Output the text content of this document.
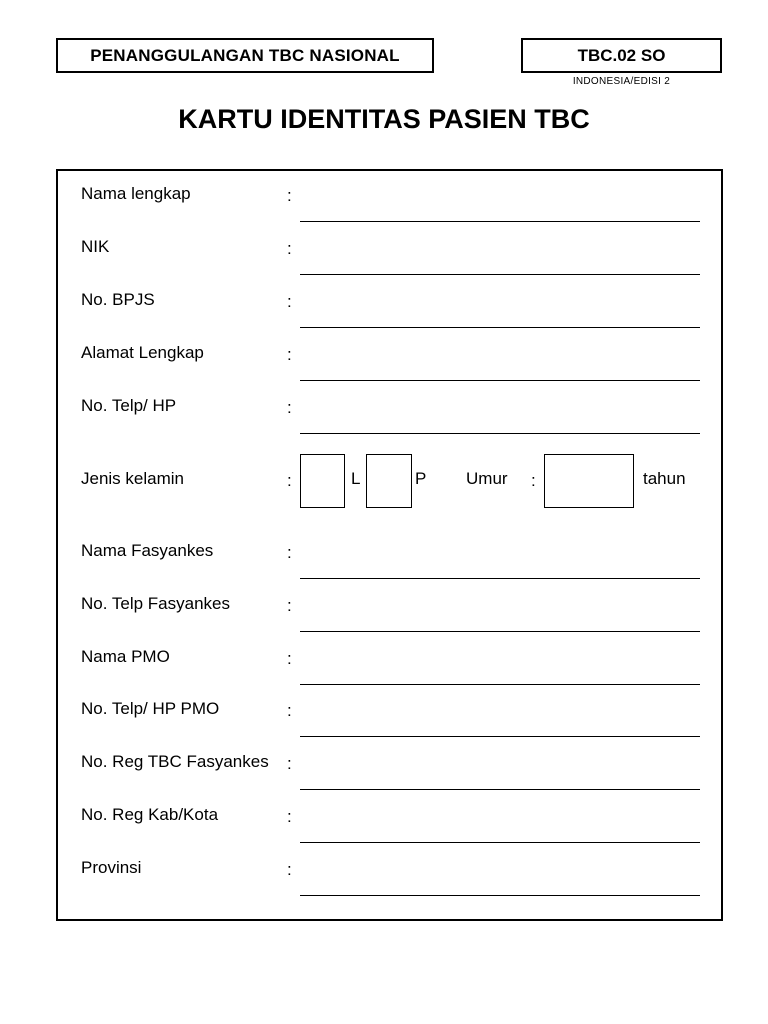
PENANGGULANGAN TBC NASIONAL	TBC.02 SO
INDONESIA/EDISI 2
KARTU IDENTITAS PASIEN TBC
Nama lengkap	:
NIK	:
No. BPJS	:
Alamat Lengkap	:
No. Telp/ HP	:
Jenis kelamin	:	L	P Umur :	tahun
Nama Fasyankes	:
No. Telp Fasyankes	:
Nama PMO	:
No. Telp/ HP PMO	:
No. Reg TBC Fasyankes :
No. Reg Kab/Kota	:
Provinsi	:
